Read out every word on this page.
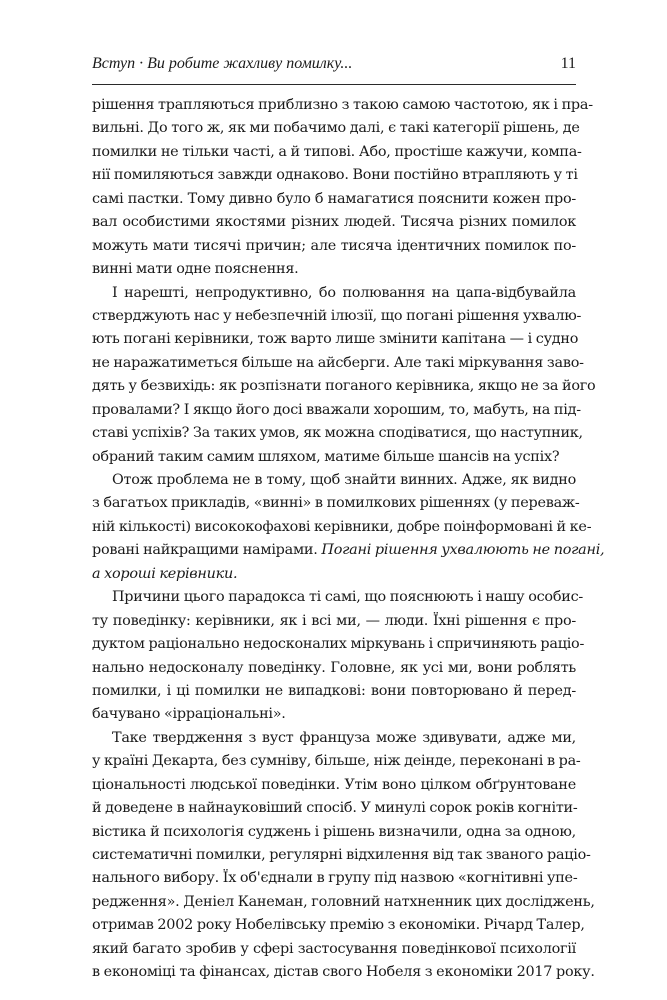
Вступ · Ви робите жахливу помилку...	11
рішення трапляються приблизно з такою самою частотою, як і пра-
вильні. До того ж, як ми побачимо далі, є такі категорії рішень, де
помилки не тільки часті, а й типові. Або, простіше кажучи, компа-
нії помиляються завжди однаково. Вони постійно втрапляють у ті
самі пастки. Тому дивно було б намагатися пояснити кожен про-
вал особистими якостями різних людей. Тисяча різних помилок
можуть мати тисячі причин; але тисяча ідентичних помилок по-
винні мати одне пояснення.
І нарешті, непродуктивно, бо полювання на цапа-відбувайла
стверджують нас у небезпечній ілюзії, що погані рішення ухвалю-
ють погані керівники, тож варто лише змінити капітана — і судно
не наражатиметься більше на айсберги. Але такі міркування заво-
дять у безвихідь: як розпізнати поганого керівника, якщо не за його
провалами? І якщо його досі вважали хорошим, то, мабуть, на під-
ставі успіхів? За таких умов, як можна сподіватися, що наступник,
обраний таким самим шляхом, матиме більше шансів на успіх?
Отож проблема не в тому, щоб знайти винних. Адже, як видно
з багатьох прикладів, «винні» в помилкових рішеннях (у переваж-
ній кількості) висококофахові керівники, добре поінформовані й ке-
ровані найкращими намірами. Погані рішення ухвалюють не погані,
а хороші керівники.
Причини цього парадокса ті самі, що пояснюють і нашу особис-
ту поведінку: керівники, як і всі ми, — люди. Їхні рішення є про-
дуктом раціонально недосконалих міркувань і спричиняють раціо-
нально недосконалу поведінку. Головне, як усі ми, вони роблять
помилки, і ці помилки не випадкові: вони повторювано й перед-
бачувано «ірраціональні».
Таке твердження з вуст француза може здивувати, адже ми,
у країні Декарта, без сумніву, більше, ніж деінде, переконані в ра-
ціональності людської поведінки. Утім воно цілком обґрунтоване
й доведене в найнауковіший спосіб. У минулі сорок років когніти-
вістика й психологія суджень і рішень визначили, одна за одною,
систематичні помилки, регулярні відхилення від так званого раціо-
нального вибору. Їх об'єднали в групу під назвою «когнітивні упе-
редження». Деніел Канеман, головний натхненник цих досліджень,
отримав 2002 року Нобелівську премію з економіки. Річард Талер,
який багато зробив у сфері застосування поведінкової психології
в економіці та фінансах, дістав свого Нобеля з економіки 2017 року.
